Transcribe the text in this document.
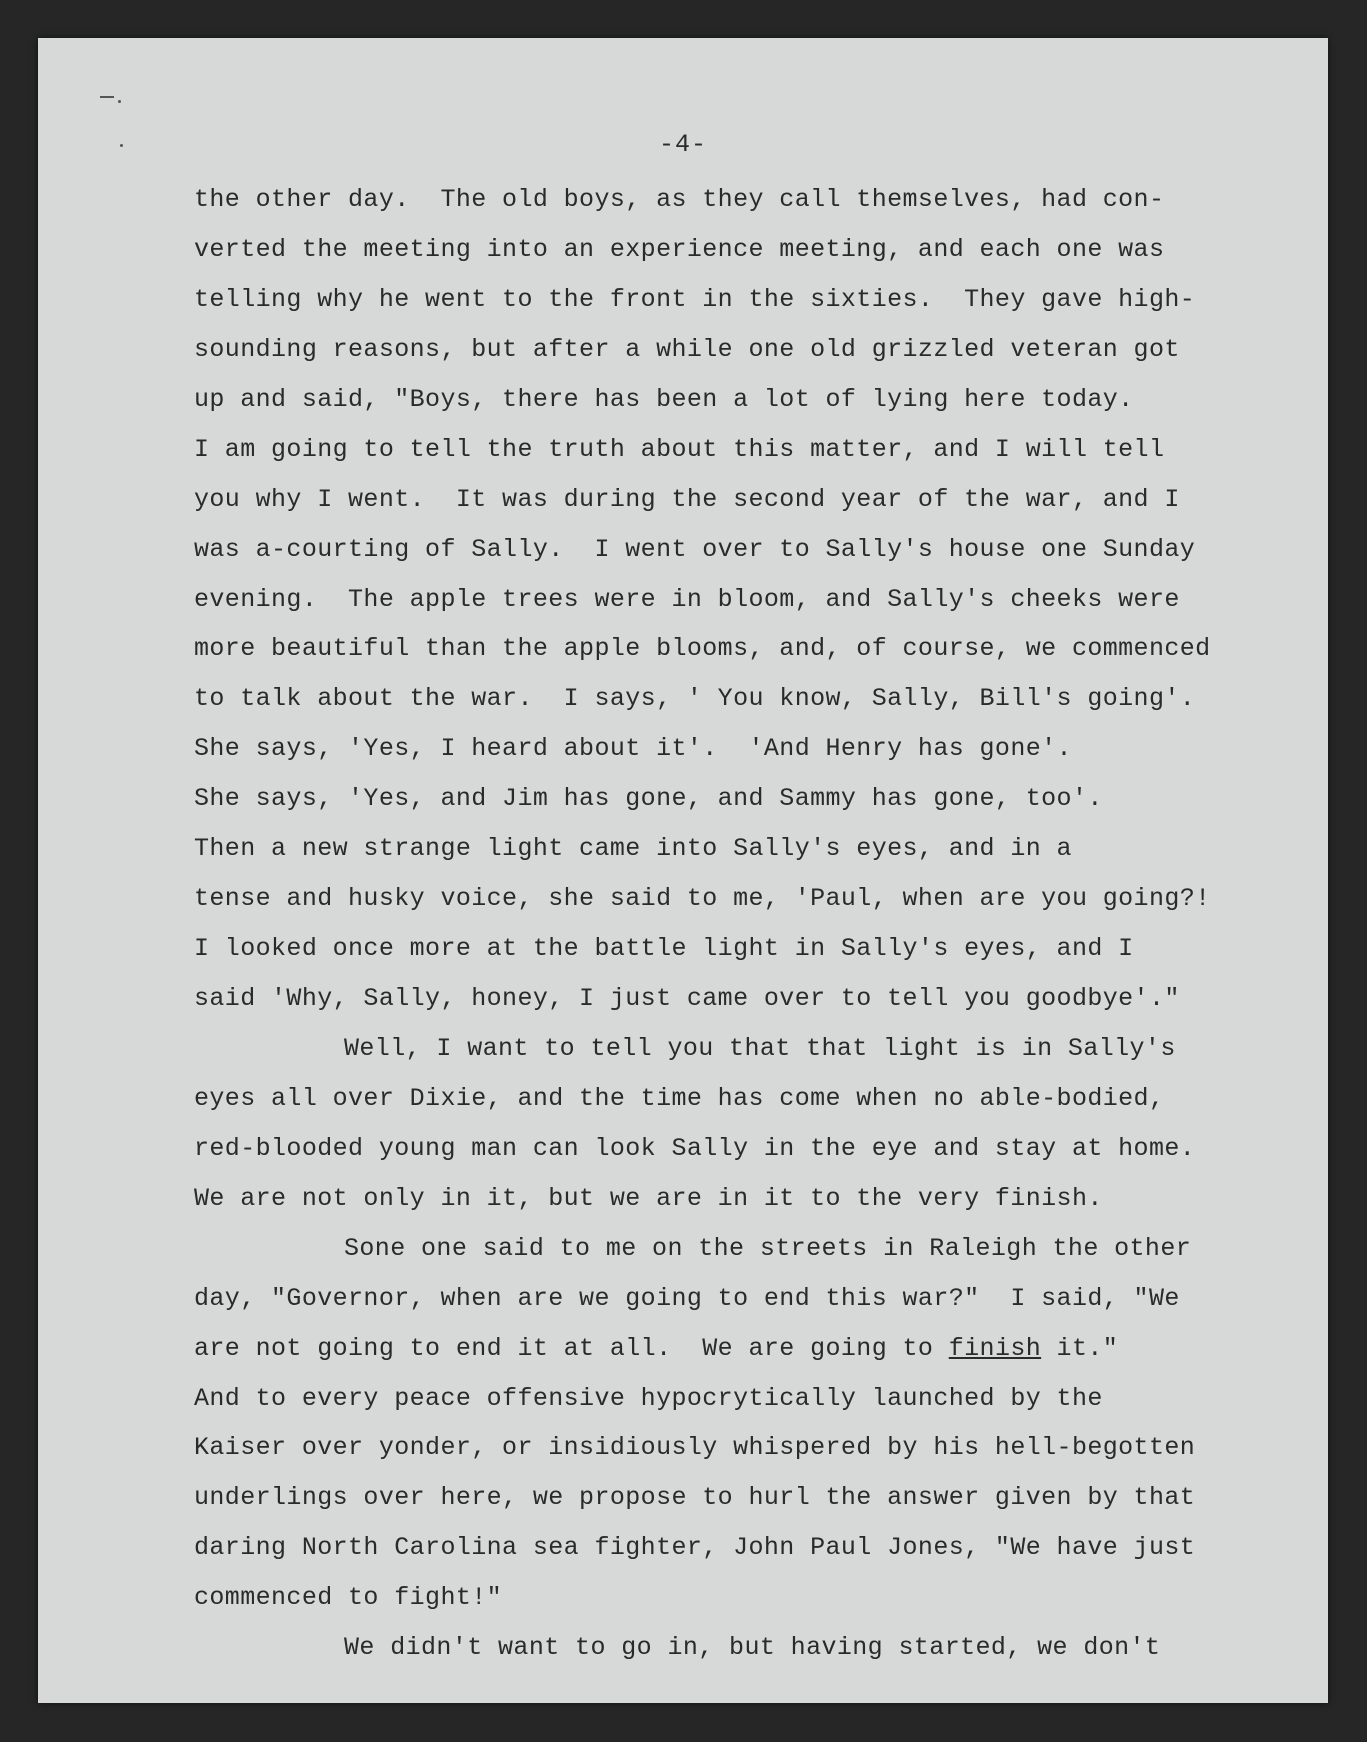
-4-
the other day.  The old boys, as they call themselves, had con-
verted the meeting into an experience meeting, and each one was
telling why he went to the front in the sixties.  They gave high-
sounding reasons, but after a while one old grizzled veteran got
up and said, "Boys, there has been a lot of lying here today.
I am going to tell the truth about this matter, and I will tell
you why I went.  It was during the second year of the war, and I
was a-courting of Sally.  I went over to Sally's house one Sunday
evening.  The apple trees were in bloom, and Sally's cheeks were
more beautiful than the apple blooms, and, of course, we commenced
to talk about the war.  I says, ' You know, Sally, Bill's going'.
She says, 'Yes, I heard about it'.  'And Henry has gone'.
She says, 'Yes, and Jim has gone, and Sammy has gone, too'.
Then a new strange light came into Sally's eyes, and in a
tense and husky voice, she said to me, 'Paul, when are you going?!
I looked once more at the battle light in Sally's eyes, and I
said 'Why, Sally, honey, I just came over to tell you goodbye'."
Well, I want to tell you that that light is in Sally's
eyes all over Dixie, and the time has come when no able-bodied,
red-blooded young man can look Sally in the eye and stay at home.
We are not only in it, but we are in it to the very finish.
Sone one said to me on the streets in Raleigh the other
day, "Governor, when are we going to end this war?"  I said, "We
are not going to end it at all.  We are going to finish it."
And to every peace offensive hypocrytically launched by the
Kaiser over yonder, or insidiously whispered by his hell-begotten
underlings over here, we propose to hurl the answer given by that
daring North Carolina sea fighter, John Paul Jones, "We have just
commenced to fight!"
We didn't want to go in, but having started, we don't
